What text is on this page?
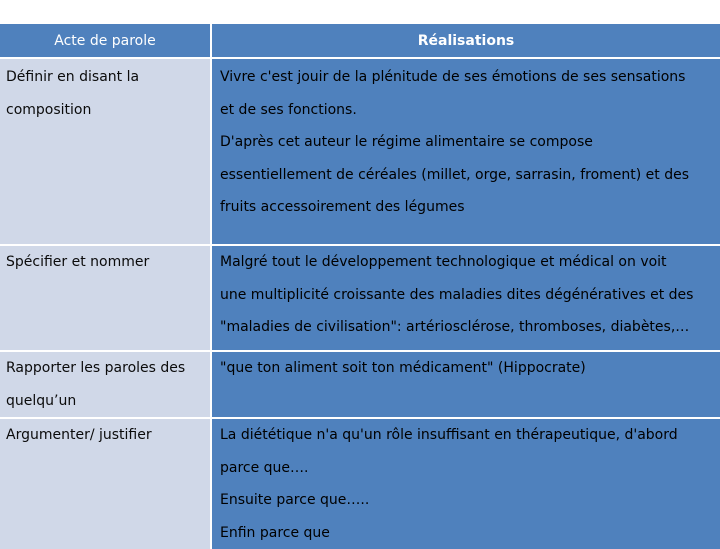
Acte de parole	Réalisations

Définir en disant la
composition	Vivre c'est jouir de la plénitude de ses émotions de ses sensations
et de ses fonctions.
D'après cet auteur le régime alimentaire se compose
essentiellement de céréales (millet, orge, sarrasin, froment) et des
fruits accessoirement des légumes

Spécifier et nommer	Malgré tout le développement technologique et médical on voit
une multiplicité croissante des maladies dites dégénératives et des
"maladies de civilisation": artériosclérose, thromboses, diabètes,…

Rapporter les paroles des
quelqu’un	"que ton aliment soit ton médicament" (Hippocrate)

Argumenter/ justifier	La diététique n'a qu'un rôle insuffisant en thérapeutique, d'abord
parce que….
Ensuite parce que…..
Enfin parce que
